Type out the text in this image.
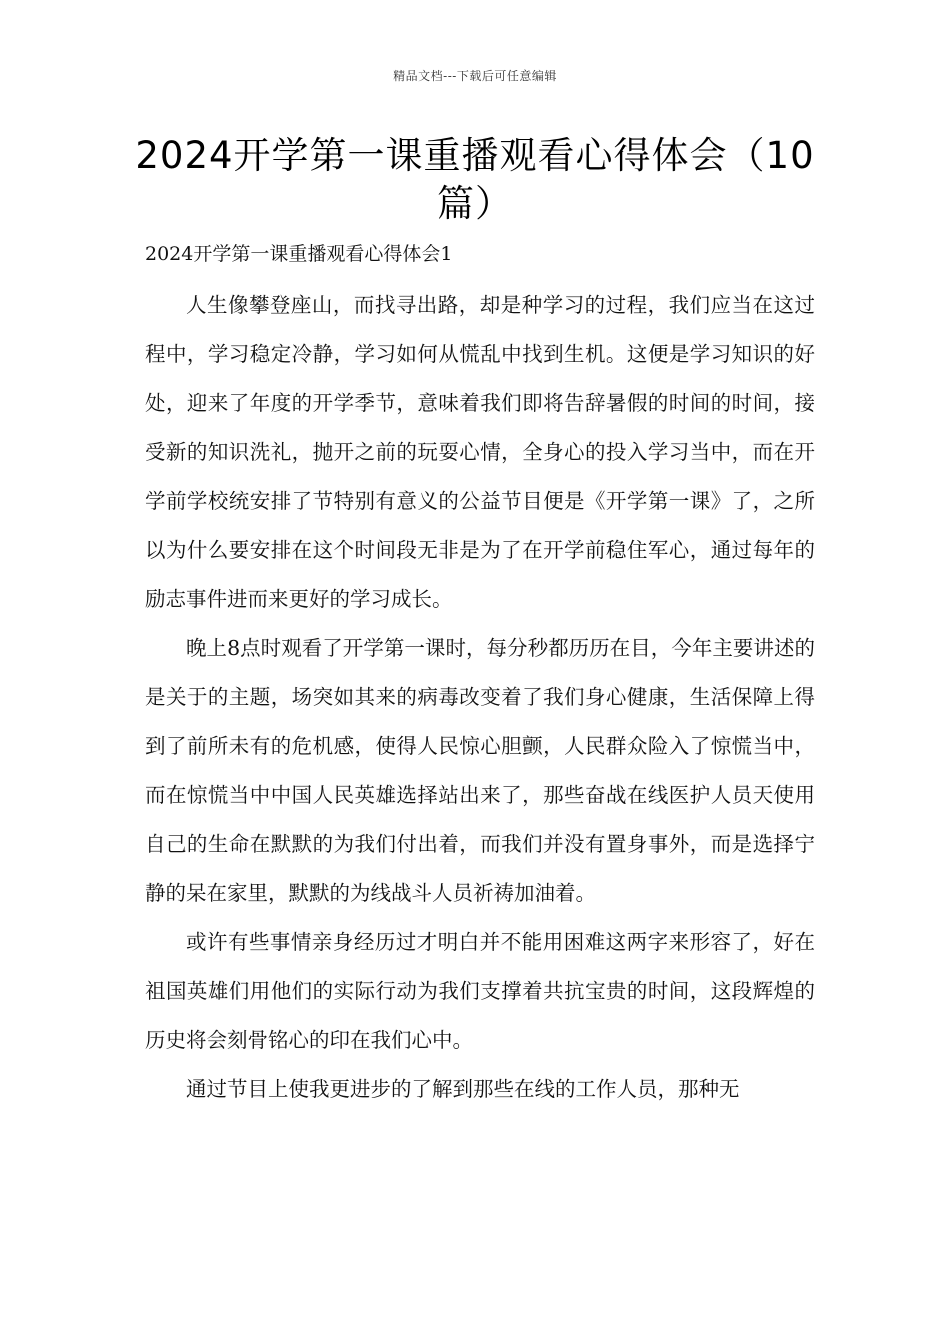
精品文档---下载后可任意编辑
2024开学第一课重播观看心得体会（10篇）
2024开学第一课重播观看心得体会1

人生像攀登座山，而找寻出路，却是种学习的过程，我们应当在这过程中，学习稳定冷静，学习如何从慌乱中找到生机。这便是学习知识的好处，迎来了年度的开学季节，意味着我们即将告辞暑假的时间的时间，接受新的知识洗礼，抛开之前的玩耍心情，全身心的投入学习当中，而在开学前学校统安排了节特别有意义的公益节目便是《开学第一课》了，之所以为什么要安排在这个时间段无非是为了在开学前稳住军心，通过每年的励志事件进而来更好的学习成长。

晚上8点时观看了开学第一课时，每分秒都历历在目，今年主要讲述的是关于的主题，场突如其来的病毒改变着了我们身心健康，生活保障上得到了前所未有的危机感，使得人民惊心胆颤，人民群众险入了惊慌当中，而在惊慌当中中国人民英雄选择站出来了，那些奋战在线医护人员天使用自己的生命在默默的为我们付出着，而我们并没有置身事外，而是选择宁静的呆在家里，默默的为线战斗人员祈祷加油着。

或许有些事情亲身经历过才明白并不能用困难这两字来形容了，好在祖国英雄们用他们的实际行动为我们支撑着共抗宝贵的时间，这段辉煌的历史将会刻骨铭心的印在我们心中。

通过节目上使我更进步的了解到那些在线的工作人员，那种无
